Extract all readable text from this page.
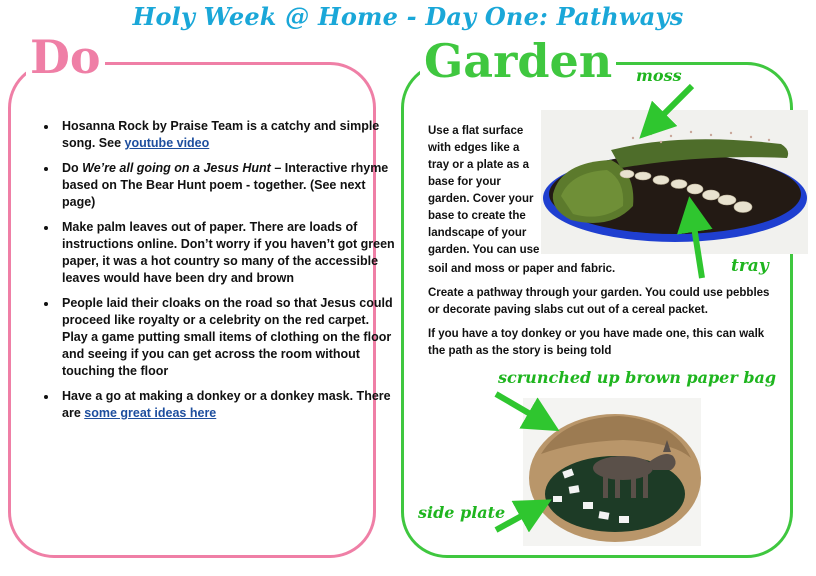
Holy Week @ Home - Day One: Pathways
Do
• Hosanna Rock by Praise Team is a catchy and simple song. See youtube video
• Do We’re all going on a Jesus Hunt – Interactive rhyme based on The Bear Hunt poem - together. (See next page)
• Make palm leaves out of paper. There are loads of instructions online. Don’t worry if you haven’t got green paper, it was a hot country so many of the accessible leaves would have been dry and brown
• People laid their cloaks on the road so that Jesus could proceed like royalty or a celebrity on the red carpet. Play a game putting small items of clothing on the floor and seeing if you can get across the room without touching the floor
• Have a go at making a donkey or a donkey mask. There are some great ideas here
Garden

Use a flat surface with edges like a tray or a plate as a base for your garden. Cover your base to create the landscape of your garden. You can use

soil and moss or paper and fabric.

Create a pathway through your garden. You could use pebbles or decorate paving slabs cut out of a cereal packet.

If you have a toy donkey or you have made one, this can walk the path as the story is being told

moss
tray
scrunched up brown paper bag
side plate
